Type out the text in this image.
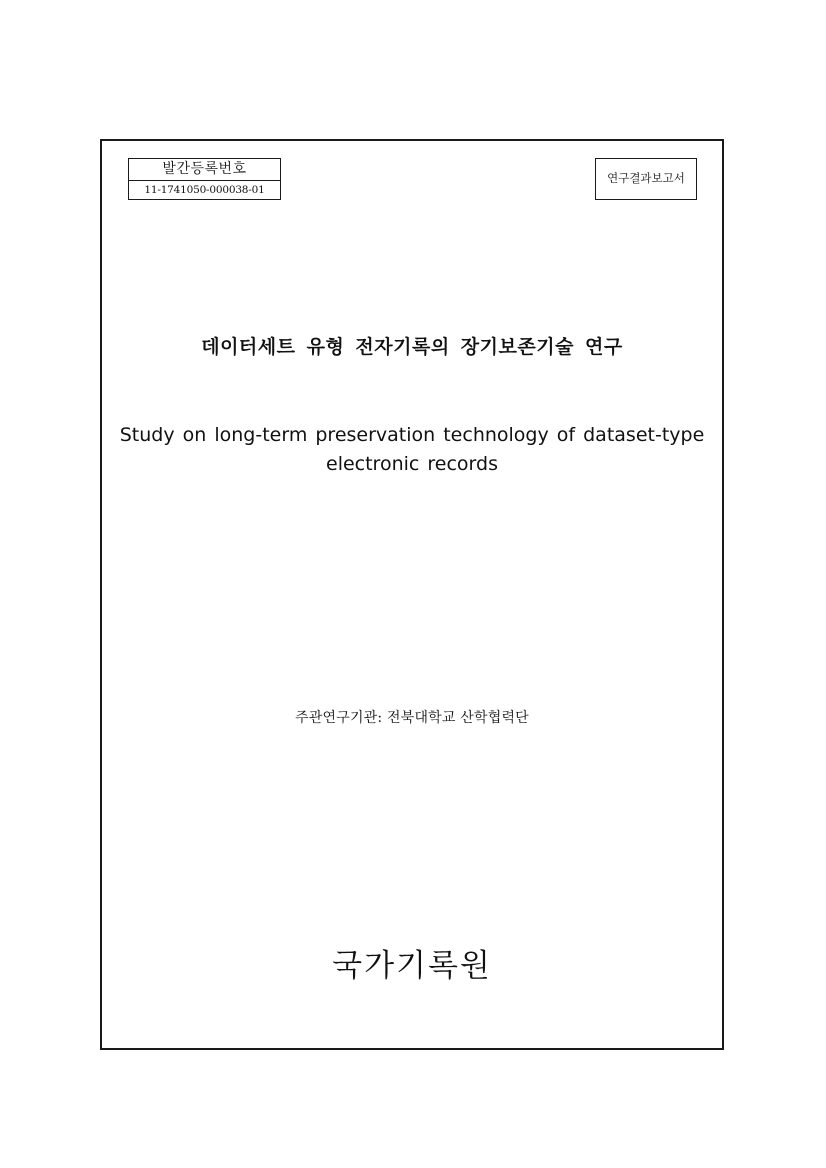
발간등록번호
11-1741050-000038-01
연구결과보고서
데이터세트 유형 전자기록의 장기보존기술 연구
Study on long-term preservation technology of dataset-type
electronic records
주관연구기관: 전북대학교 산학협력단
국가기록원
